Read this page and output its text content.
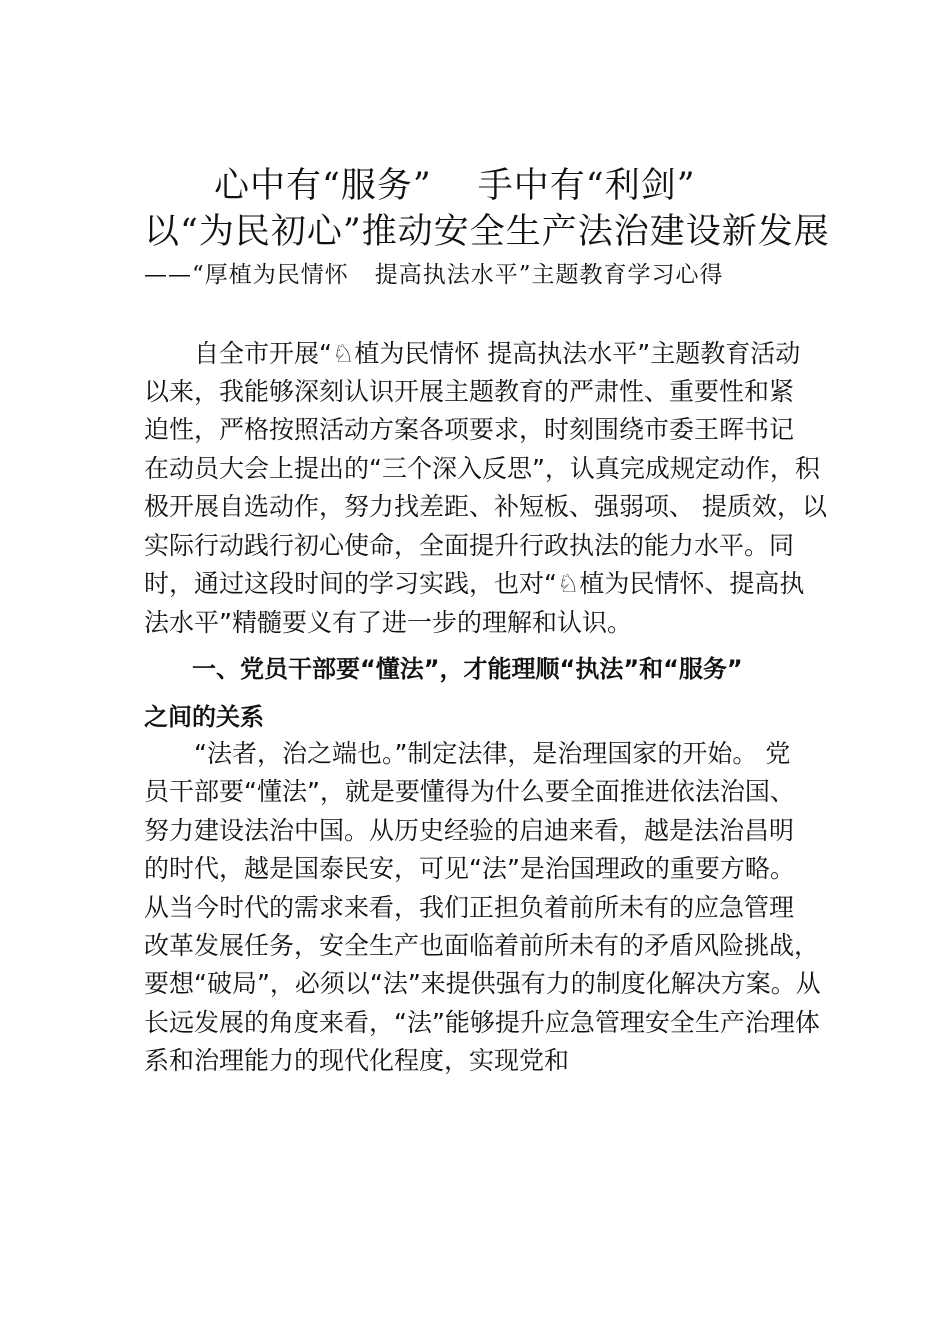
心中有“服务” 手中有“利剑”
以“为民初心”推动安全生产法治建设新发展
——“厚植为民情怀 提高执法水平”主题教育学习心得
　　自全市开展“♘植为民情怀 提高执法水平”主题教育活动
以来，我能够深刻认识开展主题教育的严肃性、重要性和紧
迫性，严格按照活动方案各项要求，时刻围绕市委王晖书记
在动员大会上提出的“三个深入反思”，认真完成规定动作，积
极开展自选动作，努力找差距、补短板、强弱项、 提质效，以
实际行动践行初心使命，全面提升行政执法的能力水平。同
时，通过这段时间的学习实践，也对“♘植为民情怀、提高执
法水平”精髓要义有了进一步的理解和认识。
　　一、党员干部要“懂法”，才能理顺“执法”和“服务”
之间的关系
　　“法者，治之端也。”制定法律，是治理国家的开始。 党
员干部要“懂法”，就是要懂得为什么要全面推进依法治国、
努力建设法治中国。从历史经验的启迪来看，越是法治昌明
的时代，越是国泰民安，可见“法”是治国理政的重要方略。
从当今时代的需求来看，我们正担负着前所未有的应急管理
改革发展任务，安全生产也面临着前所未有的矛盾风险挑战，
要想“破局”，必须以“法”来提供强有力的制度化解决方案。从
长远发展的角度来看，“法”能够提升应急管理安全生产治理体
系和治理能力的现代化程度，实现党和
